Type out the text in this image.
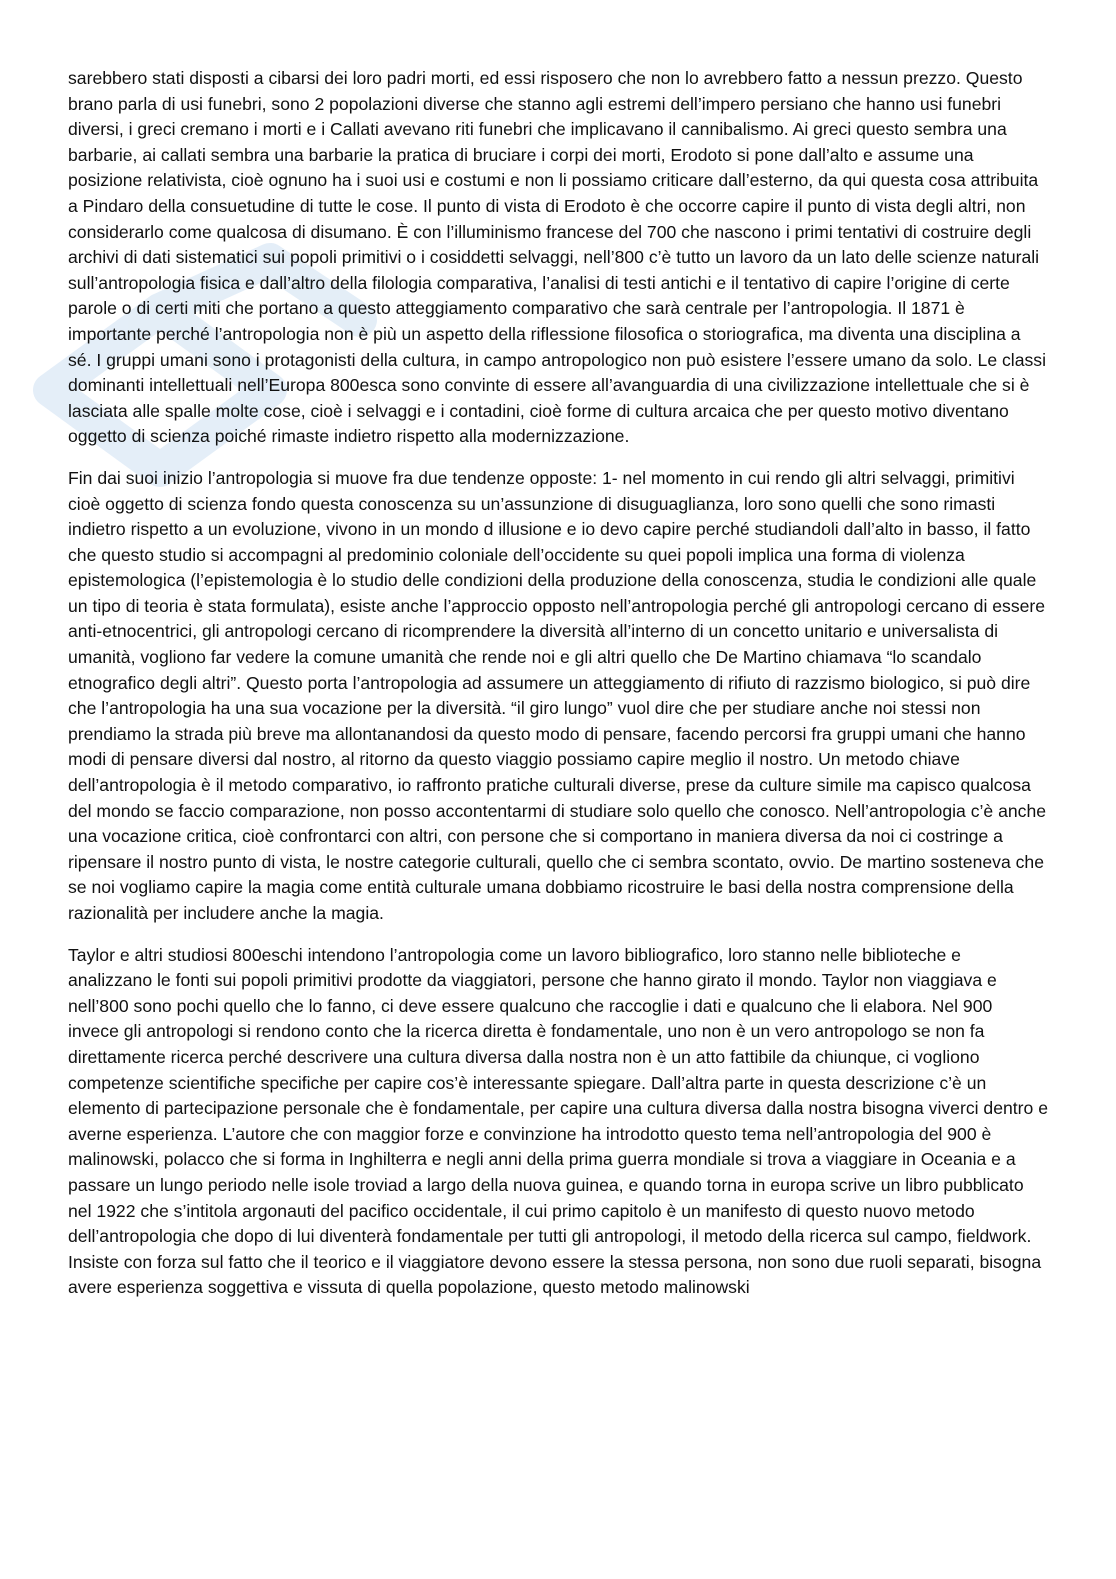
sarebbero stati disposti a cibarsi dei loro padri morti, ed essi risposero che non lo avrebbero fatto a nessun prezzo. Questo brano parla di usi funebri, sono 2 popolazioni diverse che stanno agli estremi dell’impero persiano che hanno usi funebri diversi, i greci cremano i morti e i Callati avevano riti funebri che implicavano il cannibalismo. Ai greci questo sembra una barbarie, ai callati sembra una barbarie la pratica di bruciare i corpi dei morti, Erodoto si pone dall’alto e assume una posizione relativista, cioè ognuno ha i suoi usi e costumi e non li possiamo criticare dall’esterno, da qui questa cosa attribuita a Pindaro della consuetudine di tutte le cose. Il punto di vista di Erodoto è che occorre capire il punto di vista degli altri, non considerarlo come qualcosa di disumano. È con l’illuminismo francese del 700 che nascono i primi tentativi di costruire degli archivi di dati sistematici sui popoli primitivi o i cosiddetti selvaggi, nell’800 c’è tutto un lavoro da un lato delle scienze naturali sull’antropologia fisica e dall’altro della filologia comparativa, l’analisi di testi antichi e il tentativo di capire l’origine di certe parole o di certi miti che portano a questo atteggiamento comparativo che sarà centrale per l’antropologia. Il 1871 è importante perché l’antropologia non è più un aspetto della riflessione filosofica o storiografica, ma diventa una disciplina a sé. I gruppi umani sono i protagonisti della cultura, in campo antropologico non può esistere l’essere umano da solo. Le classi dominanti intellettuali nell’Europa 800esca sono convinte di essere all’avanguardia di una civilizzazione intellettuale che si è lasciata alle spalle molte cose, cioè i selvaggi e i contadini, cioè forme di cultura arcaica che per questo motivo diventano oggetto di scienza poiché rimaste indietro rispetto alla modernizzazione.

Fin dai suoi inizio l’antropologia si muove fra due tendenze opposte: 1- nel momento in cui rendo gli altri selvaggi, primitivi cioè oggetto di scienza fondo questa conoscenza su un’assunzione di disuguaglianza, loro sono quelli che sono rimasti indietro rispetto a un evoluzione, vivono in un mondo d illusione e io devo capire perché studiandoli dall’alto in basso, il fatto che questo studio si accompagni al predominio coloniale dell’occidente su quei popoli implica una forma di violenza epistemologica (l’epistemologia è lo studio delle condizioni della produzione della conoscenza, studia le condizioni alle quale un tipo di teoria è stata formulata), esiste anche l’approccio opposto nell’antropologia perché gli antropologi cercano di essere anti-etnocentrici, gli antropologi cercano di ricomprendere la diversità all’interno di un concetto unitario e universalista di umanità, vogliono far vedere la comune umanità che rende noi e gli altri quello che De Martino chiamava “lo scandalo etnografico degli altri”. Questo porta l’antropologia ad assumere un atteggiamento di rifiuto di razzismo biologico, si può dire che l’antropologia ha una sua vocazione per la diversità. “il giro lungo” vuol dire che per studiare anche noi stessi non prendiamo la strada più breve ma allontanandosi da questo modo di pensare, facendo percorsi fra gruppi umani che hanno modi di pensare diversi dal nostro, al ritorno da questo viaggio possiamo capire meglio il nostro. Un metodo chiave dell’antropologia è il metodo comparativo, io raffronto pratiche culturali diverse, prese da culture simile ma capisco qualcosa del mondo se faccio comparazione, non posso accontentarmi di studiare solo quello che conosco. Nell’antropologia c’è anche una vocazione critica, cioè confrontarci con altri, con persone che si comportano in maniera diversa da noi ci costringe a ripensare il nostro punto di vista, le nostre categorie culturali, quello che ci sembra scontato, ovvio. De martino sosteneva che se noi vogliamo capire la magia come entità culturale umana dobbiamo ricostruire le basi della nostra comprensione della razionalità per includere anche la magia.

Taylor e altri studiosi 800eschi intendono l’antropologia come un lavoro bibliografico, loro stanno nelle biblioteche e analizzano le fonti sui popoli primitivi prodotte da viaggiatori, persone che hanno girato il mondo. Taylor non viaggiava e nell’800 sono pochi quello che lo fanno, ci deve essere qualcuno che raccoglie i dati e qualcuno che li elabora. Nel 900 invece gli antropologi si rendono conto che la ricerca diretta è fondamentale, uno non è un vero antropologo se non fa direttamente ricerca perché descrivere una cultura diversa dalla nostra non è un atto fattibile da chiunque, ci vogliono competenze scientifiche specifiche per capire cos’è interessante spiegare. Dall’altra parte in questa descrizione c’è un elemento di partecipazione personale che è fondamentale, per capire una cultura diversa dalla nostra bisogna viverci dentro e averne esperienza. L’autore che con maggior forze e convinzione ha introdotto questo tema nell’antropologia del 900 è malinowski, polacco che si forma in Inghilterra e negli anni della prima guerra mondiale si trova a viaggiare in Oceania e a passare un lungo periodo nelle isole troviad a largo della nuova guinea, e quando torna in europa scrive un libro pubblicato nel 1922 che s’intitola argonauti del pacifico occidentale, il cui primo capitolo è un manifesto di questo nuovo metodo dell’antropologia che dopo di lui diventerà fondamentale per tutti gli antropologi, il metodo della ricerca sul campo, fieldwork. Insiste con forza sul fatto che il teorico e il viaggiatore devono essere la stessa persona, non sono due ruoli separati, bisogna avere esperienza soggettiva e vissuta di quella popolazione, questo metodo malinowski
